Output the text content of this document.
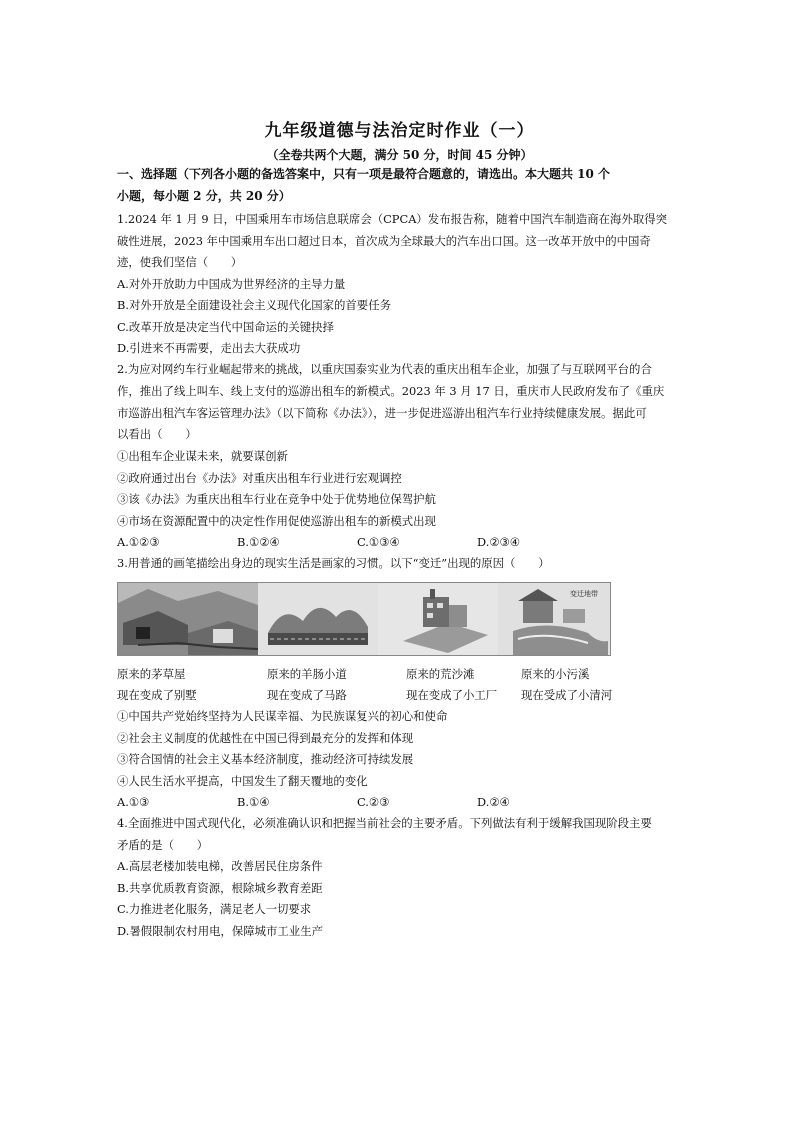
九年级道德与法治定时作业（一）
（全卷共两个大题，满分 50 分，时间 45 分钟）
一、选择题（下列各小题的备选答案中，只有一项是最符合题意的，请选出。本大题共 10 个
小题，每小题 2 分，共 20 分）
1.2024 年 1 月 9 日，中国乘用车市场信息联席会（CPCA）发布报告称，随着中国汽车制造商在海外取得突
破性进展，2023 年中国乘用车出口超过日本，首次成为全球最大的汽车出口国。这一改革开放中的中国奇
迹，使我们坚信（　　）
A.对外开放助力中国成为世界经济的主导力量
B.对外开放是全面建设社会主义现代化国家的首要任务
C.改革开放是决定当代中国命运的关键抉择
D.引进来不再需要，走出去大获成功
2.为应对网约车行业崛起带来的挑战，以重庆国泰实业为代表的重庆出租车企业，加强了与互联网平台的合
作，推出了线上叫车、线上支付的巡游出租车的新模式。2023 年 3 月 17 日，重庆市人民政府发布了《重庆
市巡游出租汽车客运管理办法》（以下简称《办法》），进一步促进巡游出租汽车行业持续健康发展。据此可
以看出（　　）
①出租车企业谋未来，就要谋创新
②政府通过出台《办法》对重庆出租车行业进行宏观调控
③该《办法》为重庆出租车行业在竞争中处于优势地位保驾护航
④市场在资源配置中的决定性作用促使巡游出租车的新模式出现
A.①②③	B.①②④	C.①③④	D.②③④
3.用普通的画笔描绘出身边的现实生活是画家的习惯。以下“变迁”出现的原因（　　）
变迁地带
原来的茅草屋	原来的羊肠小道	原来的荒沙滩	原来的小污溪
现在变成了别墅	现在变成了马路	现在变成了小工厂 现在受成了小清河
①中国共产党始终坚持为人民谋幸福、为民族谋复兴的初心和使命
②社会主义制度的优越性在中国已得到最充分的发挥和体现
③符合国情的社会主义基本经济制度，推动经济可持续发展
④人民生活水平提高，中国发生了翻天覆地的变化
A.①③	B.①④	C.②③	D.②④
4.全面推进中国式现代化，必须准确认识和把握当前社会的主要矛盾。下列做法有利于缓解我国现阶段主要
矛盾的是（　　）
A.高层老楼加装电梯，改善居民住房条件
B.共享优质教育资源，根除城乡教育差距
C.力推进老化服务，满足老人一切要求
D.暑假限制农村用电，保障城市工业生产
